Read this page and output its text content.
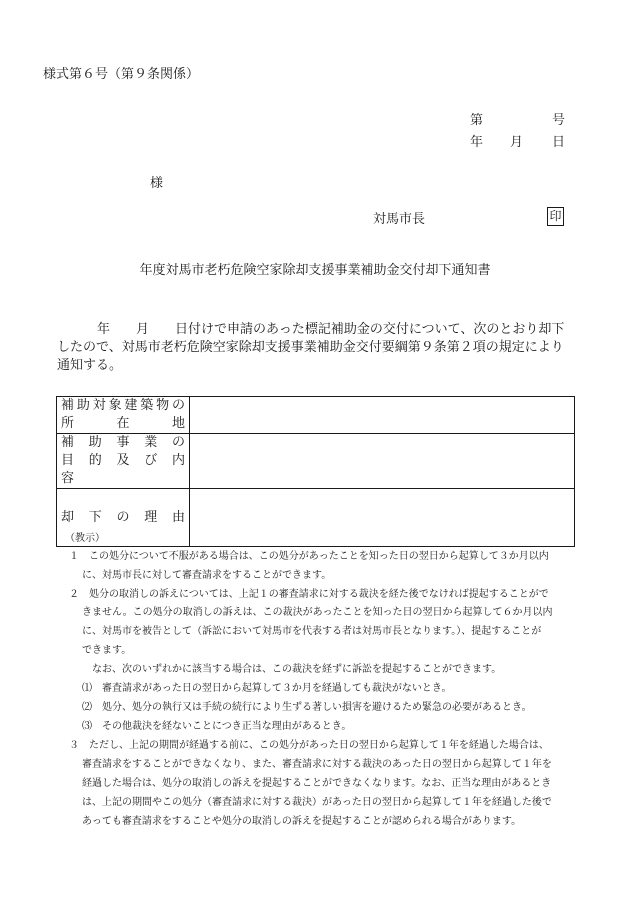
様式第６号（第９条関係）
第	号
年 月 日
様
対馬市長	印
年度対馬市老朽危険空家除却支援事業補助金交付却下通知書
年 月 日付けで申請のあった標記補助金の交付について、次のとおり却下
したので、対馬市老朽危険空家除却支援事業補助金交付要綱第９条第２項の規定により
通知する。
補助対象建築物の
所　　在　　地	

補　助　事　業　の
目　的　及　び　内　容	

却　下　の　理　由	

（教示）
１　この処分について不服がある場合は、この処分があったことを知った日の翌日から起算して３か月以内
に、対馬市長に対して審査請求をすることができます。
２　処分の取消しの訴えについては、上記１の審査請求に対する裁決を経た後でなければ提起することがで
きません。この処分の取消しの訴えは、この裁決があったことを知った日の翌日から起算して６か月以内
に、対馬市を被告として（訴訟において対馬市を代表する者は対馬市長となります。）、提起することが
できます。
なお、次のいずれかに該当する場合は、この裁決を経ずに訴訟を提起することができます。
⑴　審査請求があった日の翌日から起算して３か月を経過しても裁決がないとき。
⑵　処分、処分の執行又は手続の続行により生ずる著しい損害を避けるため緊急の必要があるとき。
⑶　その他裁決を経ないことにつき正当な理由があるとき。
３　ただし、上記の期間が経過する前に、この処分があった日の翌日から起算して１年を経過した場合は、
審査請求をすることができなくなり、また、審査請求に対する裁決のあった日の翌日から起算して１年を
経過した場合は、処分の取消しの訴えを提起することができなくなります。なお、正当な理由があるとき
は、上記の期間やこの処分（審査請求に対する裁決）があった日の翌日から起算して１年を経過した後で
あっても審査請求をすることや処分の取消しの訴えを提起することが認められる場合があります。
